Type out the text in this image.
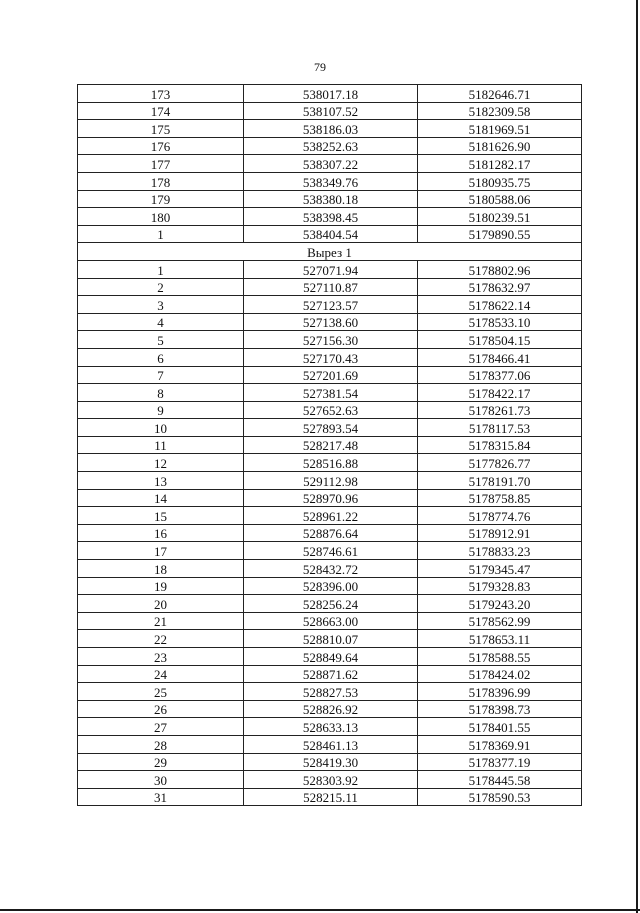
79
173	538017.18	5182646.71
174	538107.52	5182309.58
175	538186.03	5181969.51
176	538252.63	5181626.90
177	538307.22	5181282.17
178	538349.76	5180935.75
179	538380.18	5180588.06
180	538398.45	5180239.51
1	538404.54	5179890.55
Вырез 1		
1	527071.94	5178802.96
2	527110.87	5178632.97
3	527123.57	5178622.14
4	527138.60	5178533.10
5	527156.30	5178504.15
6	527170.43	5178466.41
7	527201.69	5178377.06
8	527381.54	5178422.17
9	527652.63	5178261.73
10	527893.54	5178117.53
11	528217.48	5178315.84
12	528516.88	5177826.77
13	529112.98	5178191.70
14	528970.96	5178758.85
15	528961.22	5178774.76
16	528876.64	5178912.91
17	528746.61	5178833.23
18	528432.72	5179345.47
19	528396.00	5179328.83
20	528256.24	5179243.20
21	528663.00	5178562.99
22	528810.07	5178653.11
23	528849.64	5178588.55
24	528871.62	5178424.02
25	528827.53	5178396.99
26	528826.92	5178398.73
27	528633.13	5178401.55
28	528461.13	5178369.91
29	528419.30	5178377.19
30	528303.92	5178445.58
31	528215.11	5178590.53
